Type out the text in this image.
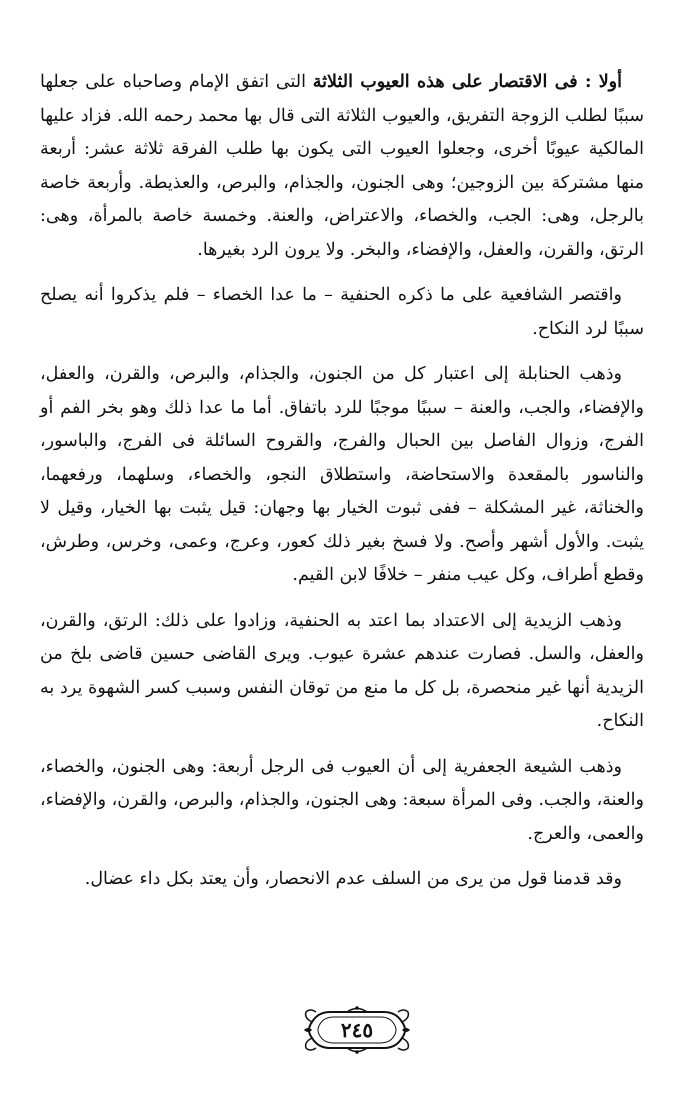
أولا : فى الاقتصار على هذه العيوب الثلاثة التى اتفق الإمام وصاحباه على جعلها سببًا لطلب الزوجة التفريق، والعيوب الثلاثة التى قال بها محمد رحمه الله. فزاد عليها المالكية عيوبًا أخرى، وجعلوا العيوب التى يكون بها طلب الفرقة ثلاثة عشر: أربعة منها مشتركة بين الزوجين؛ وهى الجنون، والجذام، والبرص، والعذيطة. وأربعة خاصة بالرجل، وهى: الجب، والخصاء، والاعتراض، والعنة. وخمسة خاصة بالمرأة، وهى: الرتق، والقرن، والعفل، والإفضاء، والبخر. ولا يرون الرد بغيرها.

واقتصر الشافعية على ما ذكره الحنفية – ما عدا الخصاء – فلم يذكروا أنه يصلح سببًا لرد النكاح.

وذهب الحنابلة إلى اعتبار كل من الجنون، والجذام، والبرص، والقرن، والعفل، والإفضاء، والجب، والعنة – سببًا موجبًا للرد باتفاق. أما ما عدا ذلك وهو بخر الفم أو الفرج، وزوال الفاصل بين الحبال والفرج، والقروح السائلة فى الفرج، والباسور، والناسور بالمقعدة والاستحاضة، واستطلاق النجو، والخصاء، وسلهما، ورفعهما، والخناثة، غير المشكلة – ففى ثبوت الخيار بها وجهان: قيل يثبت بها الخيار، وقيل لا يثبت. والأول أشهر وأصح. ولا فسخ بغير ذلك كعور، وعرج، وعمى، وخرس، وطرش، وقطع أطراف، وكل عيب منفر – خلافًا لابن القيم.

وذهب الزيدية إلى الاعتداد بما اعتد به الحنفية، وزادوا على ذلك: الرتق، والقرن، والعفل، والسل. فصارت عندهم عشرة عيوب. ويرى القاضى حسين قاضى بلخ من الزيدية أنها غير منحصرة، بل كل ما منع من توقان النفس وسبب كسر الشهوة يرد به النكاح.

وذهب الشيعة الجعفرية إلى أن العيوب فى الرجل أربعة: وهى الجنون، والخصاء، والعنة، والجب. وفى المرأة سبعة: وهى الجنون، والجذام، والبرص، والقرن، والإفضاء، والعمى، والعرج.

وقد قدمنا قول من يرى من السلف عدم الانحصار، وأن يعتد بكل داء عضال.

٢٤٥
